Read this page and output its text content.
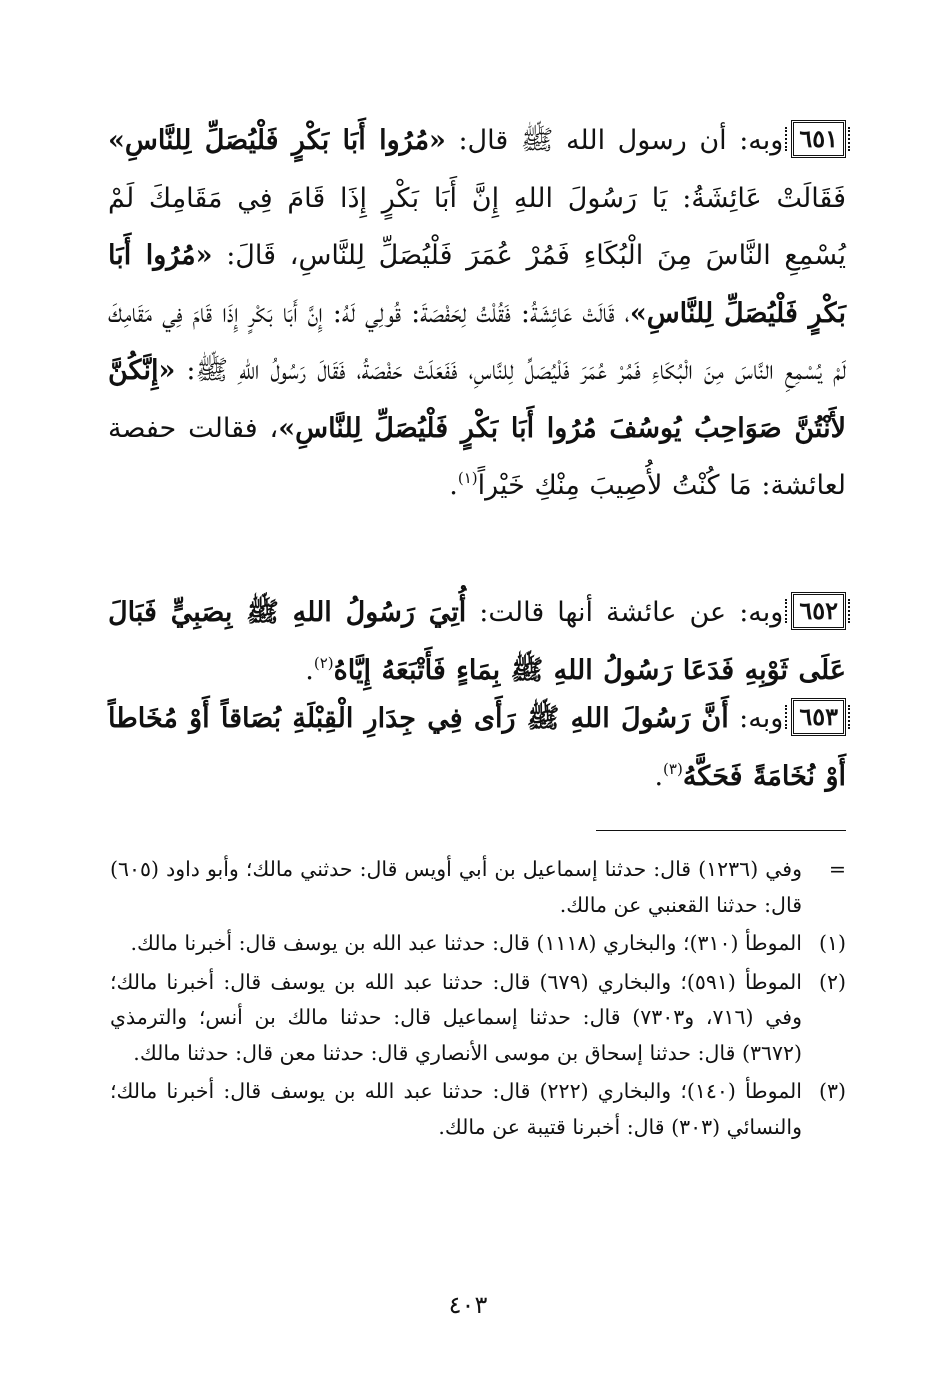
٦٥١وبه: أن رسول الله ﷺ قال: «مُرُوا أَبَا بَكْرٍ فَلْيُصَلِّ لِلنَّاسِ» فَقَالَتْ عَائِشَةُ: يَا رَسُولَ اللهِ إِنَّ أَبَا بَكْرٍ إِذَا قَامَ فِي مَقَامِكَ لَمْ يُسْمِعِ النَّاسَ مِنَ الْبُكَاءِ فَمُرْ عُمَرَ فَلْيُصَلِّ لِلنَّاسِ، قَالَ: «مُرُوا أَبَا بَكْرٍ فَلْيُصَلِّ لِلنَّاسِ»، قَالَتْ عَائِشَةُ: فَقُلْتُ لِحَفْصَةَ: قُولِي لَهُ: إِنَّ أَبَا بَكْرٍ إِذَا قَامَ فِي مَقَامِكَ لَمْ يُسْمِعِ النَّاسَ مِنَ الْبُكَاءِ فَمُرْ عُمَرَ فَلْيُصَلِّ لِلنَّاسِ، فَفَعَلَتْ حَفْصَةُ، فَقَالَ رَسُولُ اللهِ ﷺ: «إِنَّكُنَّ لأَنْتُنَّ صَوَاحِبُ يُوسُفَ مُرُوا أَبَا بَكْرٍ فَلْيُصَلِّ لِلنَّاسِ»، فقالت حفصة لعائشة: مَا كُنْتُ لأُصِيبَ مِنْكِ خَيْراً$^{(١)}$.
٦٥٢وبه: عن عائشة أنها قالت: أُتِيَ رَسُولُ اللهِ ﷺ بِصَبِيٍّ فَبَالَ عَلَى ثَوْبِهِ فَدَعَا رَسُولُ اللهِ ﷺ بِمَاءٍ فَأَتْبَعَهُ إِيَّاهُ$^{(٢)}$.
٦٥٣وبه: أَنَّ رَسُولَ اللهِ ﷺ رَأَى فِي جِدَارِ الْقِبْلَةِ بُصَاقاً أَوْ مُخَاطاً أَوْ نُخَامَةً فَحَكَّهُ$^{(٣)}$.
=
وفي (١٢٣٦) قال: حدثنا إسماعيل بن أبي أويس قال: حدثني مالك؛ وأبو داود (٦٠٥) قال: حدثنا القعنبي عن مالك.
(١)
الموطأ (٣١٠)؛ والبخاري (١١١٨) قال: حدثنا عبد الله بن يوسف قال: أخبرنا مالك.
(٢)
الموطأ (٥٩١)؛ والبخاري (٦٧٩) قال: حدثنا عبد الله بن يوسف قال: أخبرنا مالك؛ وفي (٧١٦، و٧٣٠٣) قال: حدثنا إسماعيل قال: حدثنا مالك بن أنس؛ والترمذي (٣٦٧٢) قال: حدثنا إسحاق بن موسى الأنصاري قال: حدثنا معن قال: حدثنا مالك.
(٣)
الموطأ (١٤٠)؛ والبخاري (٢٢٢) قال: حدثنا عبد الله بن يوسف قال: أخبرنا مالك؛ والنسائي (٣٠٣) قال: أخبرنا قتيبة عن مالك.
٤٠٣
